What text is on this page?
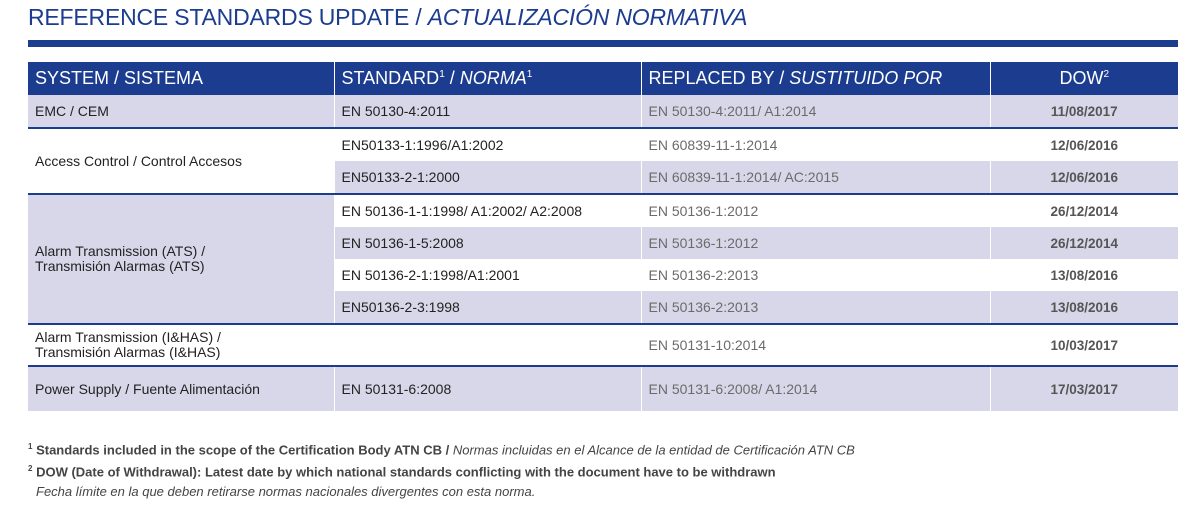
REFERENCE STANDARDS UPDATE / ACTUALIZACIÓN NORMATIVA
SYSTEM / SISTEMA	STANDARD$^1$ / NORMA$^1$	REPLACED BY / SUSTITUIDO POR	DOW$^2$
EMC / CEM	EN 50130-4:2011	EN 50130-4:2011/ A1:2014	11/08/2017
Access Control / Control Accesos	EN50133-1:1996/A1:2002	EN 60839-11-1:2014	12/06/2016
	EN50133-2-1:2000	EN 60839-11-1:2014/ AC:2015	12/06/2016
Alarm Transmission (ATS) /
Transmisión Alarmas (ATS)	EN 50136-1-1:1998/ A1:2002/ A2:2008	EN 50136-1:2012	26/12/2014
	EN 50136-1-5:2008	EN 50136-1:2012	26/12/2014
	EN 50136-2-1:1998/A1:2001	EN 50136-2:2013	13/08/2016
	EN50136-2-3:1998	EN 50136-2:2013	13/08/2016
Alarm Transmission (I&HAS) /
Transmisión Alarmas (I&HAS)		EN 50131-10:2014	10/03/2017
Power Supply / Fuente Alimentación	EN 50131-6:2008	EN 50131-6:2008/ A1:2014	17/03/2017
$^1$ Standards included in the scope of the Certification Body ATN CB / Normas incluidas en el Alcance de la entidad de Certificación ATN CB
$^2$ DOW (Date of Withdrawal): Latest date by which national standards conflicting with the document have to be withdrawn
Fecha límite en la que deben retirarse normas nacionales divergentes con esta norma.
